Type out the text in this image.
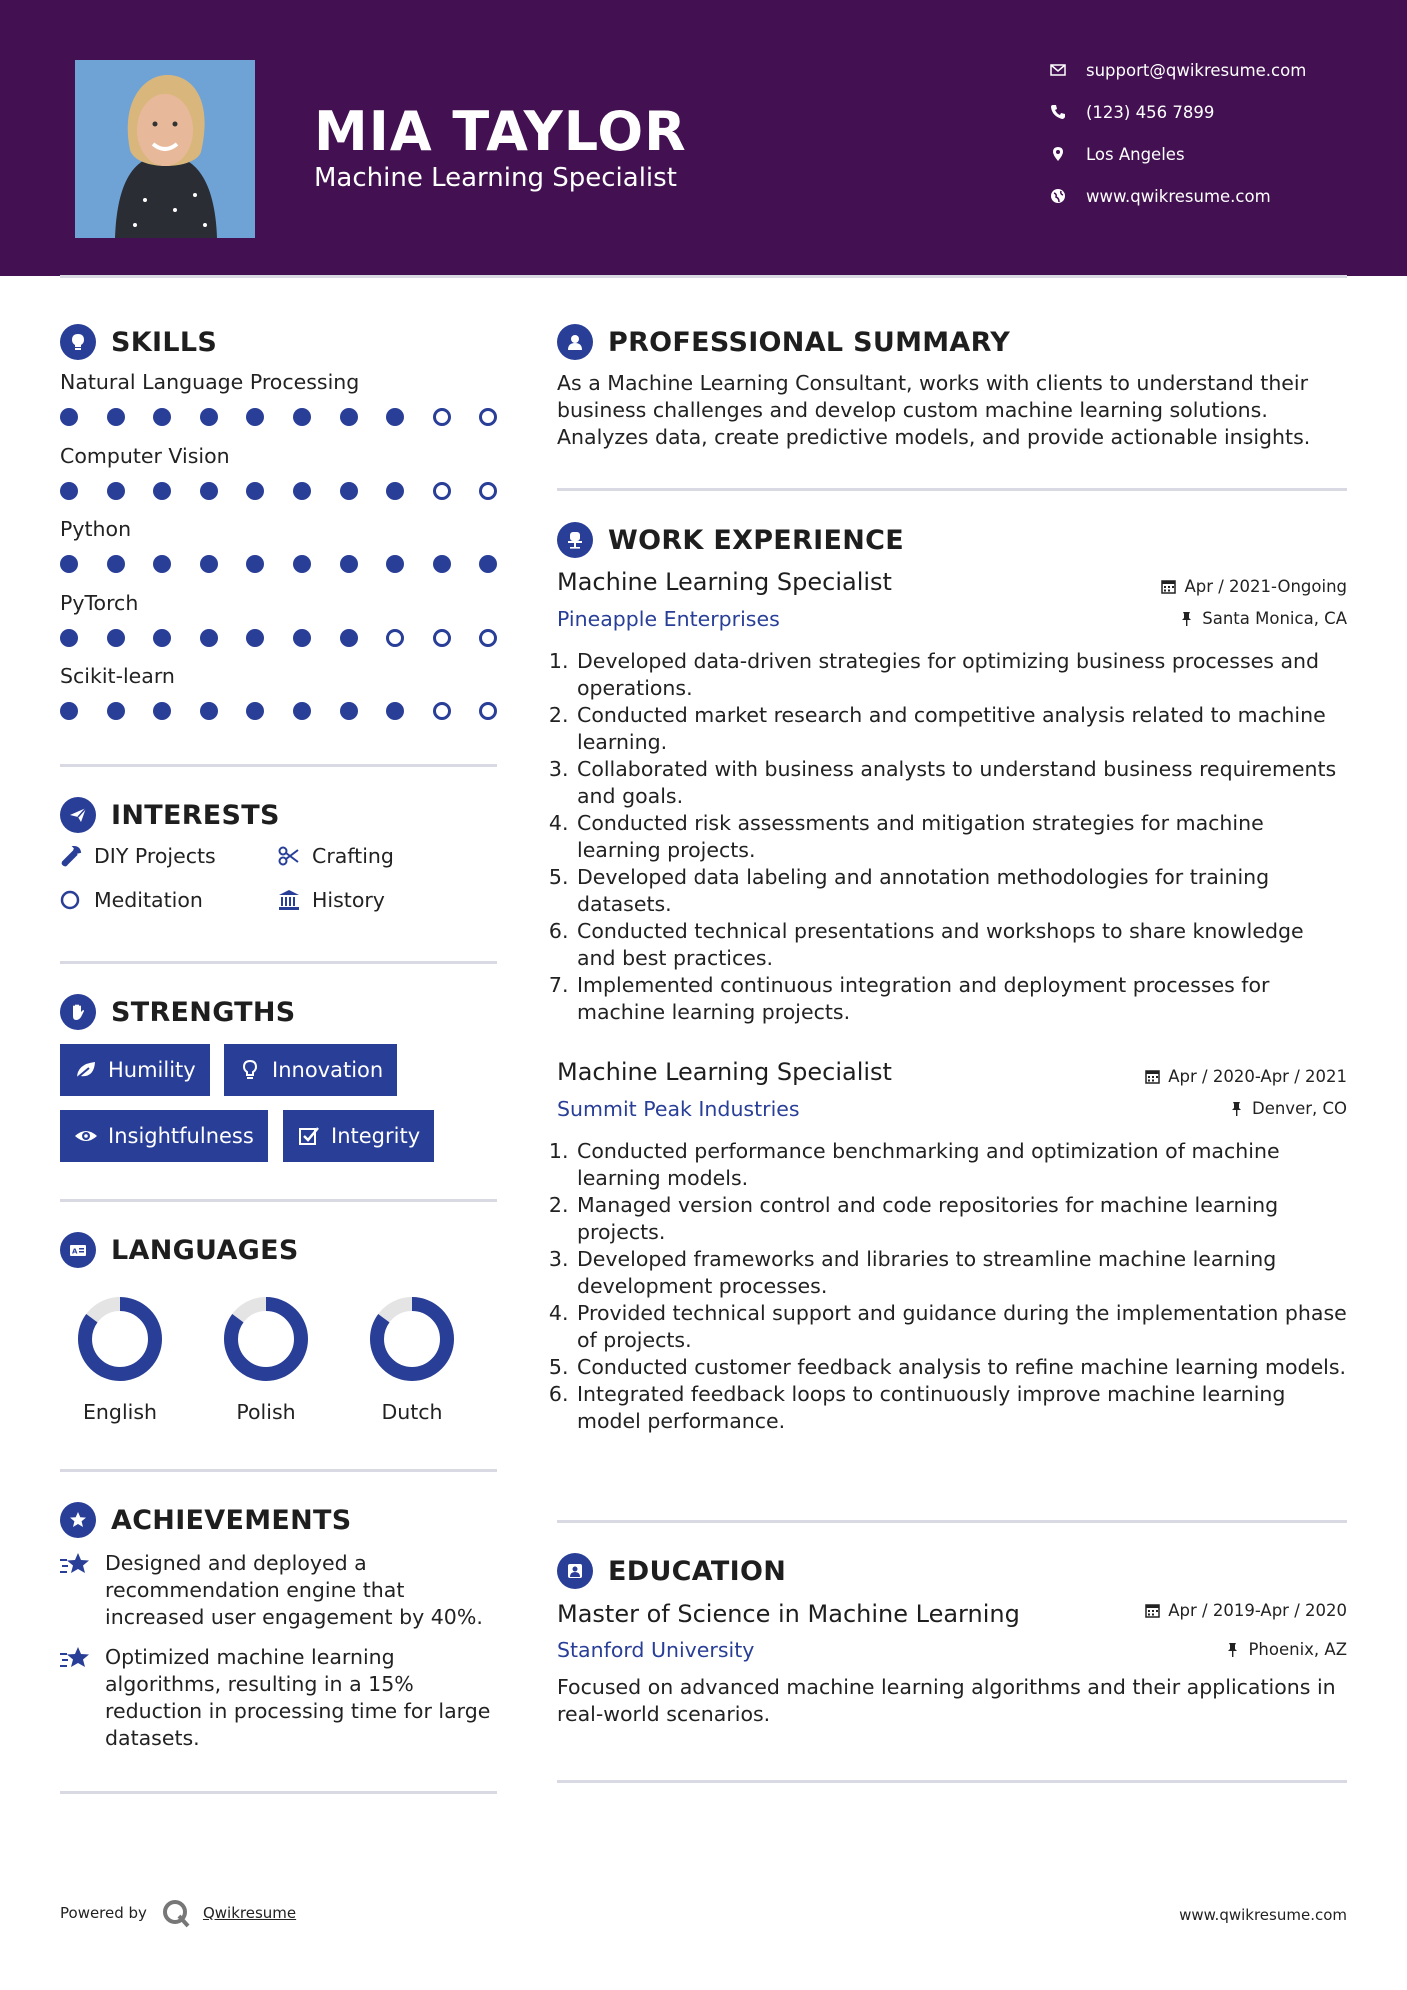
MIA TAYLOR
Machine Learning Specialist
support@qwikresume.com
(123) 456 7899
Los Angeles
www.qwikresume.com
SKILLS
Natural Language Processing
Computer Vision
Python
PyTorch
Scikit-learn
INTERESTS
DIY Projects	Crafting
Meditation	History
STRENGTHS
Humility	Innovation
Insightfulness	Integrity
A LANGUAGES
English	Polish	Dutch
ACHIEVEMENTS
Designed and deployed a recommendation engine that increased user engagement by 40%.
Optimized machine learning algorithms, resulting in a 15% reduction in processing time for large datasets.
PROFESSIONAL SUMMARY
As a Machine Learning Consultant, works with clients to understand their business challenges and develop custom machine learning solutions. Analyzes data, create predictive models, and provide actionable insights.
WORK EXPERIENCE
Machine Learning Specialist	Apr / 2021-Ongoing
Pineapple Enterprises	Santa Monica, CA
1. Developed data-driven strategies for optimizing business processes and operations.
2. Conducted market research and competitive analysis related to machine learning.
3. Collaborated with business analysts to understand business requirements and goals.
4. Conducted risk assessments and mitigation strategies for machine learning projects.
5. Developed data labeling and annotation methodologies for training datasets.
6. Conducted technical presentations and workshops to share knowledge and best practices.
7. Implemented continuous integration and deployment processes for machine learning projects.
Machine Learning Specialist	Apr / 2020-Apr / 2021
Summit Peak Industries	Denver, CO
1. Conducted performance benchmarking and optimization of machine learning models.
2. Managed version control and code repositories for machine learning projects.
3. Developed frameworks and libraries to streamline machine learning development processes.
4. Provided technical support and guidance during the implementation phase of projects.
5. Conducted customer feedback analysis to refine machine learning models.
6. Integrated feedback loops to continuously improve machine learning model performance.
EDUCATION
Master of Science in Machine Learning	Apr / 2019-Apr / 2020
Stanford University	Phoenix, AZ
Focused on advanced machine learning algorithms and their applications in real-world scenarios.
Powered by	Qwikresume	www.qwikresume.com
